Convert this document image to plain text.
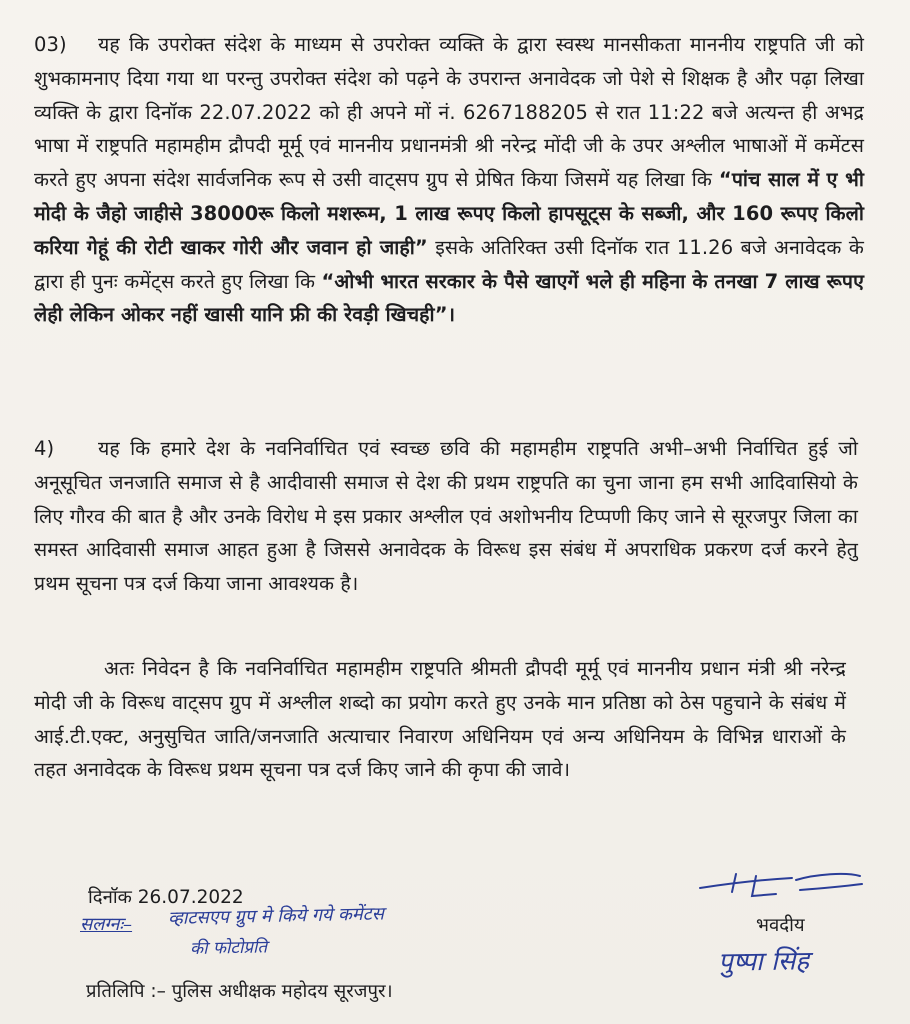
03) यह कि उपरोक्त संदेश के माध्यम से उपरोक्त व्यक्ति के द्वारा स्वस्थ मानसीकता माननीय राष्ट्रपति जी को शुभकामनाए दिया गया था परन्तु उपरोक्त संदेश को पढ़ने के उपरान्त अनावेदक जो पेशे से शिक्षक है और पढ़ा लिखा व्यक्ति के द्वारा दिनॉक 22.07.2022 को ही अपने मों नं. 6267188205 से रात 11:22 बजे अत्यन्त ही अभद्र भाषा में राष्ट्रपति महामहीम द्रौपदी मूर्मू एवं माननीय प्रधानमंत्री श्री नरेन्द्र मोंदी जी के उपर अश्लील भाषाओं में कमेंटस करते हुए अपना संदेश सार्वजनिक रूप से उसी वाट्सप ग्रुप से प्रेषित किया जिसमें यह लिखा कि “पांच साल में ए भी मोदी के जैहो जाहीसे 38000रू किलो मशरूम, 1 लाख रूपए किलो हापसूट्स के सब्जी, और 160 रूपए किलो करिया गेहूं की रोटी खाकर गोरी और जवान हो जाही” इसके अतिरिक्त उसी दिनॉक रात 11.26 बजे अनावेदक के द्वारा ही पुनः कमेंट्स करते हुए लिखा कि “ओभी भारत सरकार के पैसे खाएगें भले ही महिना के तनखा 7 लाख रूपए लेही लेकिन ओकर नहीं खासी यानि फ्री की रेवड़ी खिचही”।
4) यह कि हमारे देश के नवनिर्वाचित एवं स्वच्छ छवि की महामहीम राष्ट्रपति अभी–अभी निर्वाचित हुई जो अनूसूचित जनजाति समाज से है आदीवासी समाज से देश की प्रथम राष्ट्रपति का चुना जाना हम सभी आदिवासियो के लिए गौरव की बात है और उनके विरोध मे इस प्रकार अश्लील एवं अशोभनीय टिप्पणी किए जाने से सूरजपुर जिला का समस्त आदिवासी समाज आहत हुआ है जिससे अनावेदक के विरूध इस संबंध में अपराधिक प्रकरण दर्ज करने हेतु प्रथम सूचना पत्र दर्ज किया जाना आवश्यक है।
अतः निवेदन है कि नवनिर्वाचित महामहीम राष्ट्रपति श्रीमती द्रौपदी मूर्मू एवं माननीय प्रधान मंत्री श्री नरेन्द्र मोदी जी के विरूध वाट्सप ग्रुप में अश्लील शब्दो का प्रयोग करते हुए उनके मान प्रतिष्ठा को ठेस पहुचाने के संबंध में आई.टी.एक्ट, अनुसुचित जाति/जनजाति अत्याचार निवारण अधिनियम एवं अन्य अधिनियम के विभिन्न धाराओं के तहत अनावेदक के विरूध प्रथम सूचना पत्र दर्ज किए जाने की कृपा की जावे।
दिनॉक 26.07.2022
सलग्नः– व्हाटसएप ग्रुप मे किये गये कमेंटस
की फोटोप्रति
भवदीय
पुष्पा सिंह
प्रतिलिपि :– पुलिस अधीक्षक महोदय सूरजपुर।
